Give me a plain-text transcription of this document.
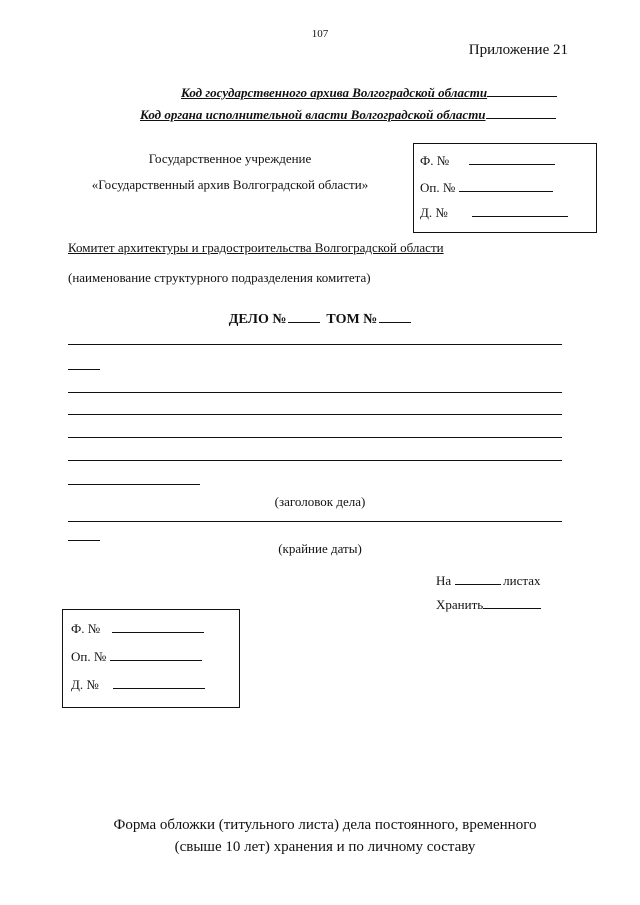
107
Приложение 21
Код государственного архива Волгоградской области
Код органа исполнительной власти Волгоградской области
Государственное учреждение
«Государственный архив Волгоградской области»
Ф. №
Оп. №
Д. №
Комитет архитектуры и градостроительства Волгоградской области
(наименование структурного подразделения комитета)
ДЕЛО №	ТОМ №
(заголовок дела)
(крайние даты)
На	листах
Хранить
Ф. №
Оп. №
Д. №
Форма обложки (титульного листа) дела постоянного, временного
(свыше 10 лет) хранения и по личному составу
